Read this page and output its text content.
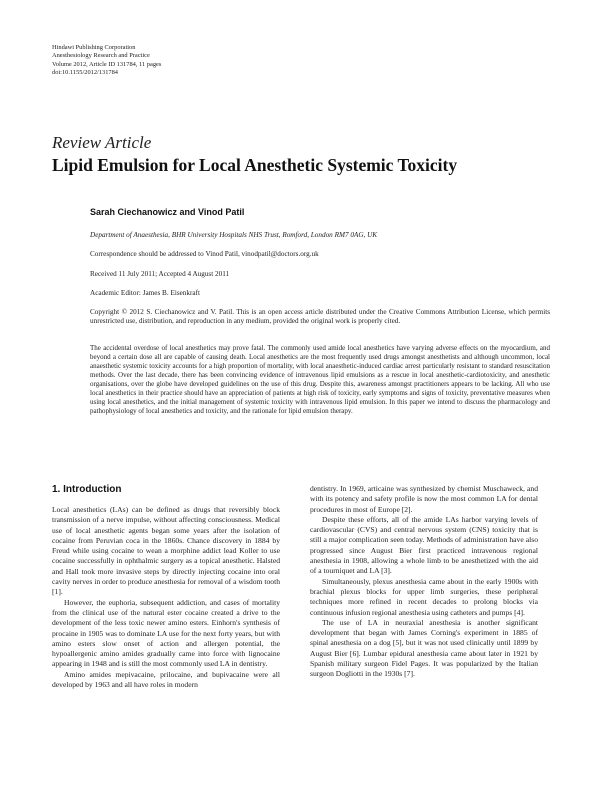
Hindawi Publishing Corporation
Anesthesiology Research and Practice
Volume 2012, Article ID 131784, 11 pages
doi:10.1155/2012/131784
Review Article
Lipid Emulsion for Local Anesthetic Systemic Toxicity
Sarah Ciechanowicz and Vinod Patil
Department of Anaesthesia, BHR University Hospitals NHS Trust, Romford, London RM7 0AG, UK
Correspondence should be addressed to Vinod Patil, vinodpatil@doctors.org.uk
Received 11 July 2011; Accepted 4 August 2011
Academic Editor: James B. Eisenkraft
Copyright © 2012 S. Ciechanowicz and V. Patil. This is an open access article distributed under the Creative Commons Attribution License, which permits unrestricted use, distribution, and reproduction in any medium, provided the original work is properly cited.
The accidental overdose of local anesthetics may prove fatal. The commonly used amide local anesthetics have varying adverse effects on the myocardium, and beyond a certain dose all are capable of causing death. Local anesthetics are the most frequently used drugs amongst anesthetists and although uncommon, local anaesthetic systemic toxicity accounts for a high proportion of mortality, with local anaesthetic-induced cardiac arrest particularly resistant to standard resuscitation methods. Over the last decade, there has been convincing evidence of intravenous lipid emulsions as a rescue in local anesthetic-cardiotoxicity, and anesthetic organisations, over the globe have developed guidelines on the use of this drug. Despite this, awareness amongst practitioners appears to be lacking. All who use local anesthetics in their practice should have an appreciation of patients at high risk of toxicity, early symptoms and signs of toxicity, preventative measures when using local anesthetics, and the initial management of systemic toxicity with intravenous lipid emulsion. In this paper we intend to discuss the pharmacology and pathophysiology of local anesthetics and toxicity, and the rationale for lipid emulsion therapy.
1. Introduction

Local anesthetics (LAs) can be defined as drugs that reversibly block transmission of a nerve impulse, without affecting consciousness. Medical use of local anesthetic agents began some years after the isolation of cocaine from Peruvian coca in the 1860s. Chance discovery in 1884 by Freud while using cocaine to wean a morphine addict lead Koller to use cocaine successfully in ophthalmic surgery as a topical anesthetic. Halsted and Hall took more invasive steps by directly injecting cocaine into oral cavity nerves in order to produce anesthesia for removal of a wisdom tooth [1].

However, the euphoria, subsequent addiction, and cases of mortality from the clinical use of the natural ester cocaine created a drive to the development of the less toxic newer amino esters. Einhorn's synthesis of procaine in 1905 was to dominate LA use for the next forty years, but with amino esters slow onset of action and allergen potential, the hypoallergenic amino amides gradually came into force with lignocaine appearing in 1948 and is still the most commonly used LA in dentistry.

Amino amides mepivacaine, prilocaine, and bupivacaine were all developed by 1963 and all have roles in modern

dentistry. In 1969, articaine was synthesized by chemist Muschaweck, and with its potency and safety profile is now the most common LA for dental procedures in most of Europe [2].

Despite these efforts, all of the amide LAs harbor varying levels of cardiovascular (CVS) and central nervous system (CNS) toxicity that is still a major complication seen today. Methods of administration have also progressed since August Bier first practiced intravenous regional anesthesia in 1908, allowing a whole limb to be anesthetized with the aid of a tourniquet and LA [3].

Simultaneously, plexus anesthesia came about in the early 1900s with brachial plexus blocks for upper limb surgeries, these peripheral techniques more refined in recent decades to prolong blocks via continuous infusion regional anesthesia using catheters and pumps [4].

The use of LA in neuraxial anesthesia is another significant development that began with James Corning's experiment in 1885 of spinal anesthesia on a dog [5], but it was not used clinically until 1899 by August Bier [6]. Lumbar epidural anesthesia came about later in 1921 by Spanish military surgeon Fidel Pages. It was popularized by the Italian surgeon Dogliotti in the 1930s [7].
